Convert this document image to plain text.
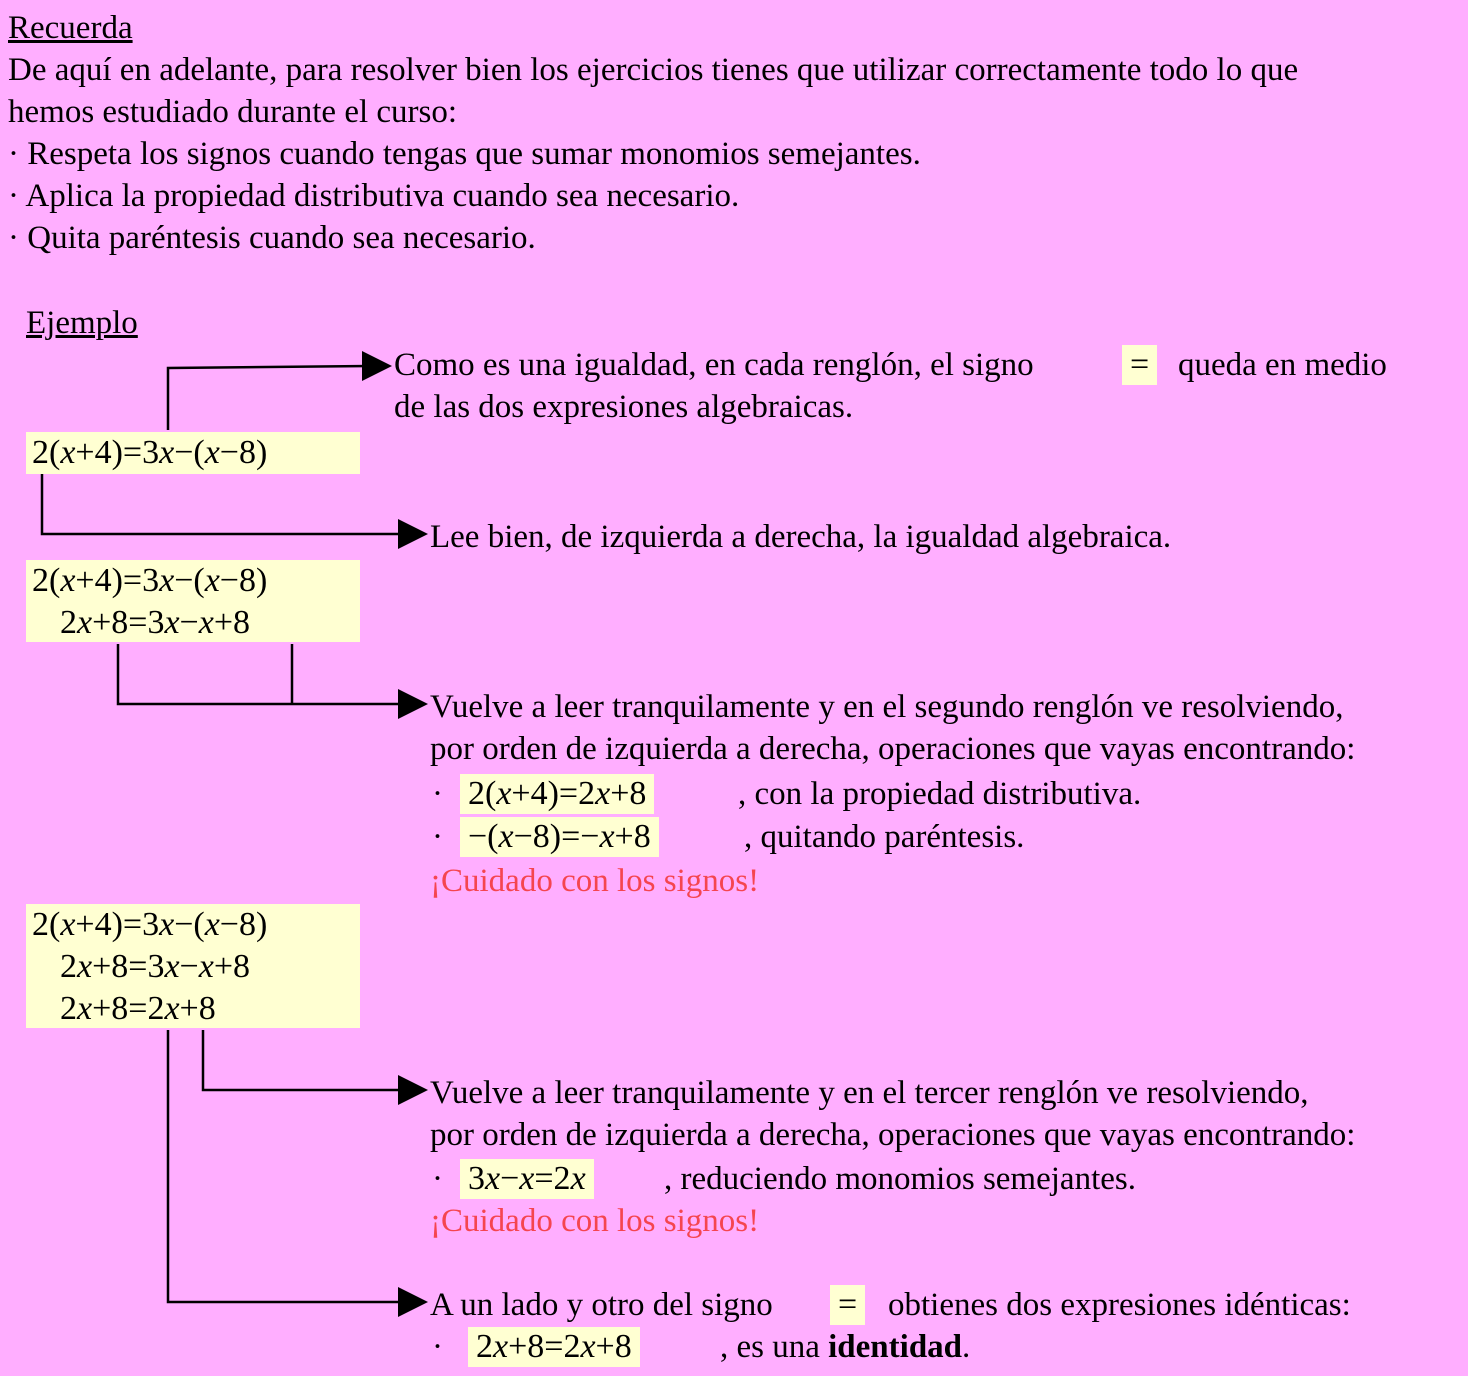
Recuerda
De aquí en adelante, para resolver bien los ejercicios tienes que utilizar correctamente todo lo que
hemos estudiado durante el curso:
· Respeta los signos cuando tengas que sumar monomios semejantes.
· Aplica la propiedad distributiva cuando sea necesario.
· Quita paréntesis cuando sea necesario.
Ejemplo
2(x+4)=3x−(x−8)
2(x+4)=3x−(x−8)
2x+8=3x−x+8
2(x+4)=3x−(x−8)
2x+8=3x−x+8
2x+8=2x+8
Como es una igualdad, en cada renglón, el signo	= queda en medio
de las dos expresiones algebraicas.
Lee bien, de izquierda a derecha, la igualdad algebraica.
Vuelve a leer tranquilamente y en el segundo renglón ve resolviendo,
por orden de izquierda a derecha, operaciones que vayas encontrando:
· 2(x+4)=2x+8	, con la propiedad distributiva.
· −(x−8)=−x+8	, quitando paréntesis.
¡Cuidado con los signos!
Vuelve a leer tranquilamente y en el tercer renglón ve resolviendo,
por orden de izquierda a derecha, operaciones que vayas encontrando:
· 3x−x=2x , reduciendo monomios semejantes.
¡Cuidado con los signos!
A un lado y otro del signo = obtienes dos expresiones idénticas:
· 2x+8=2x+8	, es una identidad.
